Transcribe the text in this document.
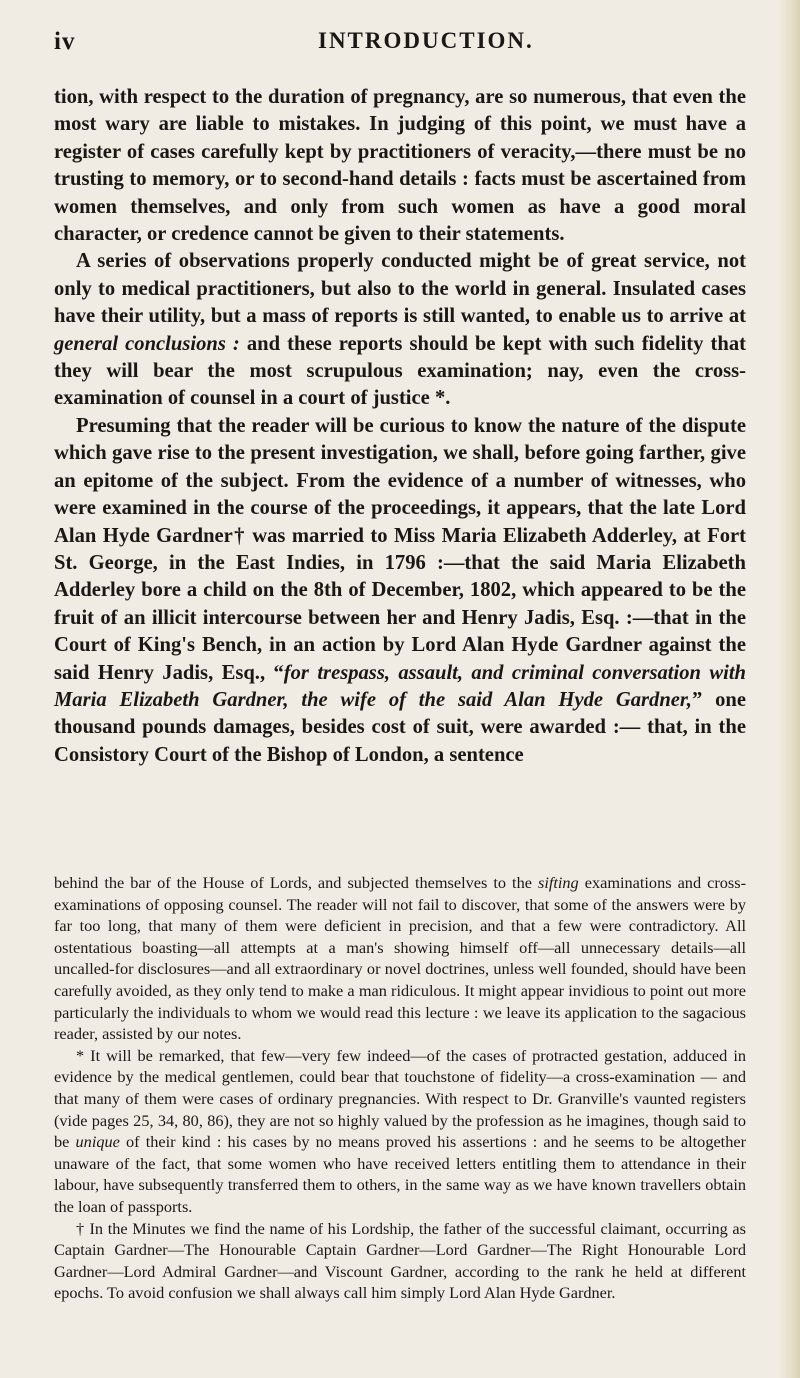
iv	INTRODUCTION.

tion, with respect to the duration of pregnancy, are so numerous, that even the most wary are liable to mistakes. In judging of this point, we must have a register of cases carefully kept by practitioners of veracity,—there must be no trusting to memory, or to second-hand details : facts must be ascertained from women themselves, and only from such women as have a good moral character, or credence cannot be given to their statements.

A series of observations properly conducted might be of great service, not only to medical practitioners, but also to the world in general. Insulated cases have their utility, but a mass of reports is still wanted, to enable us to arrive at general conclusions : and these reports should be kept with such fidelity that they will bear the most scrupulous examination; nay, even the cross-examination of counsel in a court of justice *.

Presuming that the reader will be curious to know the nature of the dispute which gave rise to the present investigation, we shall, before going farther, give an epitome of the subject. From the evidence of a number of witnesses, who were examined in the course of the proceedings, it appears, that the late Lord Alan Hyde Gardner† was married to Miss Maria Elizabeth Adderley, at Fort St. George, in the East Indies, in 1796 :—that the said Maria Elizabeth Adderley bore a child on the 8th of December, 1802, which appeared to be the fruit of an illicit intercourse between her and Henry Jadis, Esq. :—that in the Court of King's Bench, in an action by Lord Alan Hyde Gardner against the said Henry Jadis, Esq., “for trespass, assault, and criminal conversation with Maria Elizabeth Gardner, the wife of the said Alan Hyde Gardner,” one thousand pounds damages, besides cost of suit, were awarded :— that, in the Consistory Court of the Bishop of London, a sentence

behind the bar of the House of Lords, and subjected themselves to the sifting examinations and cross-examinations of opposing counsel. The reader will not fail to discover, that some of the answers were by far too long, that many of them were deficient in precision, and that a few were contradictory. All ostentatious boasting—all attempts at a man's showing himself off—all unnecessary details—all uncalled-for disclosures—and all extraordinary or novel doctrines, unless well founded, should have been carefully avoided, as they only tend to make a man ridiculous. It might appear invidious to point out more particularly the individuals to whom we would read this lecture : we leave its application to the sagacious reader, assisted by our notes.

* It will be remarked, that few—very few indeed—of the cases of protracted gestation, adduced in evidence by the medical gentlemen, could bear that touchstone of fidelity—a cross-examination — and that many of them were cases of ordinary pregnancies. With respect to Dr. Granville's vaunted registers (vide pages 25, 34, 80, 86), they are not so highly valued by the profession as he imagines, though said to be unique of their kind : his cases by no means proved his assertions : and he seems to be altogether unaware of the fact, that some women who have received letters entitling them to attendance in their labour, have subsequently transferred them to others, in the same way as we have known travellers obtain the loan of passports.

† In the Minutes we find the name of his Lordship, the father of the successful claimant, occurring as Captain Gardner—The Honourable Captain Gardner—Lord Gardner—The Right Honourable Lord Gardner—Lord Admiral Gardner—and Viscount Gardner, according to the rank he held at different epochs. To avoid confusion we shall always call him simply Lord Alan Hyde Gardner.
